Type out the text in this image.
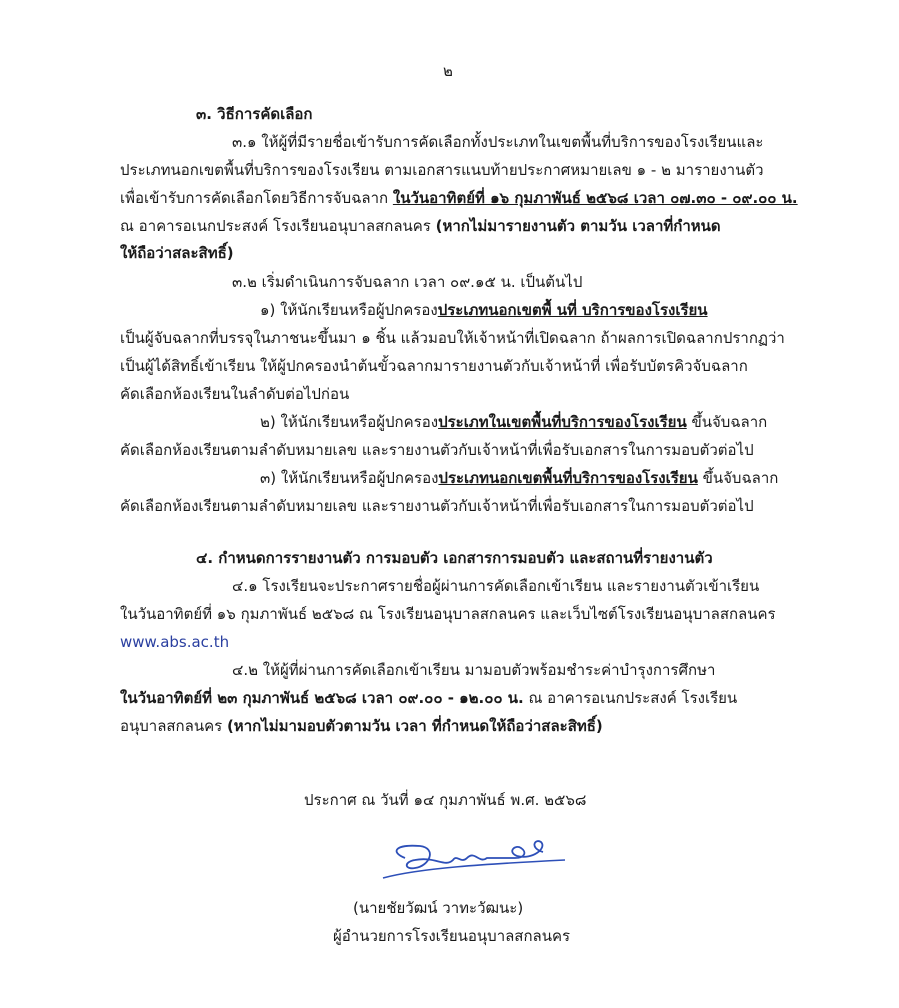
๒
๓. วิธีการคัดเลือก
๓.๑ ให้ผู้ที่มีรายชื่อเข้ารับการคัดเลือกทั้งประเภทในเขตพื้นที่บริการของโรงเรียนและ
ประเภทนอกเขตพื้นที่บริการของโรงเรียน ตามเอกสารแนบท้ายประกาศหมายเลข ๑ - ๒ มารายงานตัว
เพื่อเข้ารับการคัดเลือกโดยวิธีการจับฉลาก ในวันอาทิตย์ที่ ๑๖ กุมภาพันธ์ ๒๕๖๘ เวลา ๐๗.๓๐ - ๐๙.๐๐ น.
ณ อาคารอเนกประสงค์ โรงเรียนอนุบาลสกลนคร (หากไม่มารายงานตัว ตามวัน เวลาที่กำหนด
ให้ถือว่าสละสิทธิ์)
๓.๒ เริ่มดำเนินการจับฉลาก เวลา ๐๙.๑๕ น. เป็นต้นไป
๑) ให้นักเรียนหรือผู้ปกครองประเภทนอกเขตพื้ นที่ บริการของโรงเรียน
เป็นผู้จับฉลากที่บรรจุในภาชนะขึ้นมา ๑ ชิ้น แล้วมอบให้เจ้าหน้าที่เปิดฉลาก ถ้าผลการเปิดฉลากปรากฏว่า
เป็นผู้ได้สิทธิ์เข้าเรียน ให้ผู้ปกครองนำต้นขั้วฉลากมารายงานตัวกับเจ้าหน้าที่ เพื่อรับบัตรคิวจับฉลาก
คัดเลือกห้องเรียนในลำดับต่อไปก่อน
๒) ให้นักเรียนหรือผู้ปกครองประเภทในเขตพื้นที่บริการของโรงเรียน ขึ้นจับฉลาก
คัดเลือกห้องเรียนตามลำดับหมายเลข และรายงานตัวกับเจ้าหน้าที่เพื่อรับเอกสารในการมอบตัวต่อไป
๓) ให้นักเรียนหรือผู้ปกครองประเภทนอกเขตพื้นที่บริการของโรงเรียน ขึ้นจับฉลาก
คัดเลือกห้องเรียนตามลำดับหมายเลข และรายงานตัวกับเจ้าหน้าที่เพื่อรับเอกสารในการมอบตัวต่อไป
๔. กำหนดการรายงานตัว การมอบตัว เอกสารการมอบตัว และสถานที่รายงานตัว
๔.๑ โรงเรียนจะประกาศรายชื่อผู้ผ่านการคัดเลือกเข้าเรียน และรายงานตัวเข้าเรียน
ในวันอาทิตย์ที่ ๑๖ กุมภาพันธ์ ๒๕๖๘ ณ โรงเรียนอนุบาลสกลนคร และเว็บไซต์โรงเรียนอนุบาลสกลนคร
www.abs.ac.th
๔.๒ ให้ผู้ที่ผ่านการคัดเลือกเข้าเรียน มามอบตัวพร้อมชำระค่าบำรุงการศึกษา
ในวันอาทิตย์ที่ ๒๓ กุมภาพันธ์ ๒๕๖๘ เวลา ๐๙.๐๐ - ๑๒.๐๐ น. ณ อาคารอเนกประสงค์ โรงเรียน
อนุบาลสกลนคร (หากไม่มามอบตัวตามวัน เวลา ที่กำหนดให้ถือว่าสละสิทธิ์)
ประกาศ ณ วันที่ ๑๔ กุมภาพันธ์ พ.ศ. ๒๕๖๘
(นายชัยวัฒน์ วาทะวัฒนะ)
ผู้อำนวยการโรงเรียนอนุบาลสกลนคร
